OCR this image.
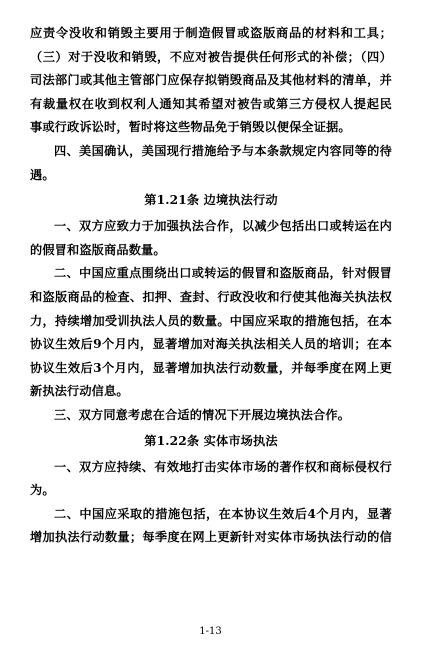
应责令没收和销毁主要用于制造假冒或盗版商品的材料和工具；
（三）对于没收和销毁，不应对被告提供任何形式的补偿；（四）
司法部门或其他主管部门应保存拟销毁商品及其他材料的清单，并
有裁量权在收到权利人通知其希望对被告或第三方侵权人提起民
事或行政诉讼时，暂时将这些物品免于销毁以便保全证据。
四、美国确认，美国现行措施给予与本条款规定内容同等的待
遇。
第1.21条 边境执法行动
一、双方应致力于加强执法合作，以减少包括出口或转运在内
的假冒和盗版商品数量。
二、中国应重点围绕出口或转运的假冒和盗版商品，针对假冒
和盗版商品的检查、扣押、查封、行政没收和行使其他海关执法权
力，持续增加受训执法人员的数量。中国应采取的措施包括，在本
协议生效后9个月内，显著增加对海关执法相关人员的培训；在本
协议生效后3个月内，显著增加执法行动数量，并每季度在网上更
新执法行动信息。
三、双方同意考虑在合适的情况下开展边境执法合作。
第1.22条 实体市场执法
一、双方应持续、有效地打击实体市场的著作权和商标侵权行
为。
二、中国应采取的措施包括，在本协议生效后4个月内，显著
增加执法行动数量；每季度在网上更新针对实体市场执法行动的信
1-13
